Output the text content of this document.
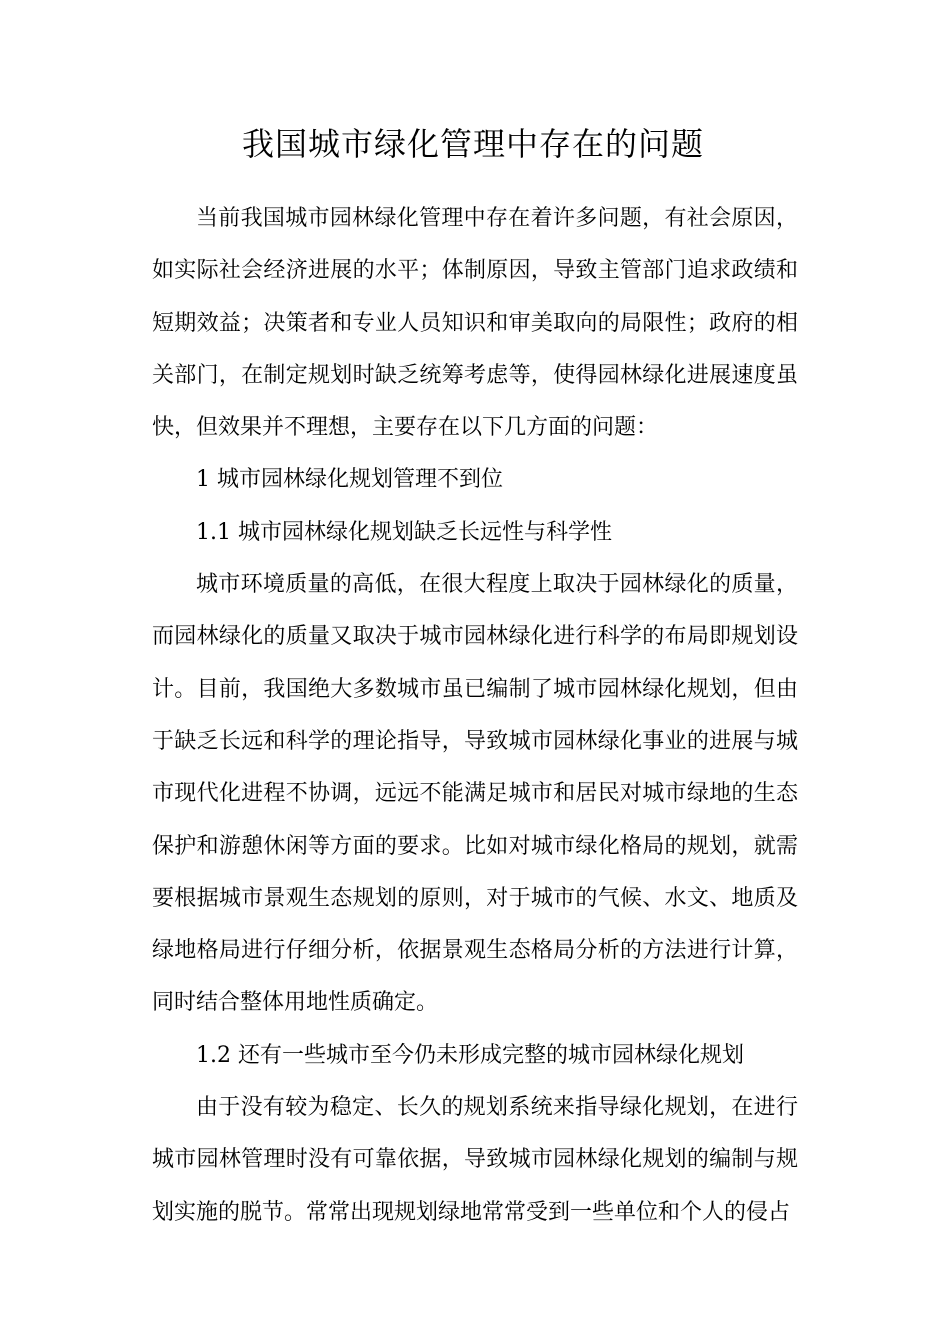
我国城市绿化管理中存在的问题

当前我国城市园林绿化管理中存在着许多问题，有社会原因，如实际社会经济进展的水平；体制原因，导致主管部门追求政绩和短期效益；决策者和专业人员知识和审美取向的局限性；政府的相关部门，在制定规划时缺乏统筹考虑等，使得园林绿化进展速度虽快，但效果并不理想，主要存在以下几方面的问题：

1 城市园林绿化规划管理不到位

1.1 城市园林绿化规划缺乏长远性与科学性

城市环境质量的高低，在很大程度上取决于园林绿化的质量，而园林绿化的质量又取决于城市园林绿化进行科学的布局即规划设计。目前，我国绝大多数城市虽已编制了城市园林绿化规划，但由于缺乏长远和科学的理论指导，导致城市园林绿化事业的进展与城市现代化进程不协调，远远不能满足城市和居民对城市绿地的生态保护和游憩休闲等方面的要求。比如对城市绿化格局的规划，就需要根据城市景观生态规划的原则，对于城市的气候、水文、地质及绿地格局进行仔细分析，依据景观生态格局分析的方法进行计算，同时结合整体用地性质确定。

1.2 还有一些城市至今仍未形成完整的城市园林绿化规划

由于没有较为稳定、长久的规划系统来指导绿化规划，在进行城市园林管理时没有可靠依据，导致城市园林绿化规划的编制与规划实施的脱节。常常出现规划绿地常常受到一些单位和个人的侵占
